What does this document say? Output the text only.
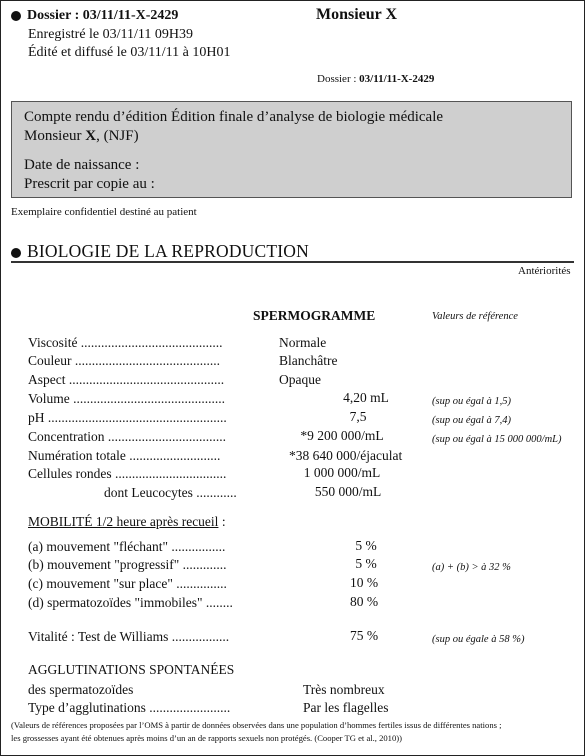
Dossier : 03/11/11-X-2429
Enregistré le 03/11/11 09H39
Édité et diffusé le 03/11/11 à 10H01
Monsieur X
Dossier : 03/11/11-X-2429
Compte rendu d’édition Édition finale d’analyse de biologie médicale
Monsieur X, (NJF)
Date de naissance :
Prescrit par copie au :
Exemplaire confidentiel destiné au patient
BIOLOGIE DE LA REPRODUCTION
Antériorités
SPERMOGRAMME	Valeurs de référence
Viscosité ..........................................	Normale
Couleur ...........................................	Blanchâtre
Aspect ..............................................	Opaque
Volume .............................................	4,20 mL	(sup ou égal à 1,5)
pH .....................................................	7,5	(sup ou égal à 7,4)
Concentration ...................................	*9 200 000/mL	(sup ou égal à 15 000 000/mL)
Numération totale ...........................	*38 640 000/éjaculat
Cellules rondes .................................	1 000 000/mL
dont Leucocytes ............	550 000/mL
MOBILITÉ 1/2 heure après recueil :
(a) mouvement "fléchant" ................	5 %
(b) mouvement "progressif" .............	5 %	(a) + (b) > à 32 %
(c) mouvement "sur place" ...............	10 %
(d) spermatozoïdes "immobiles" ........	80 %
Vitalité : Test de Williams .................	75 %	(sup ou égale à 58 %)
AGGLUTINATIONS SPONTANÉES
des spermatozoïdes	Très nombreux
Type d’agglutinations ........................	Par les flagelles
(Valeurs de références proposées par l’OMS à partir de données observées dans une population d’hommes fertiles issus de différentes nations ;
les grossesses ayant été obtenues après moins d’un an de rapports sexuels non protégés. (Cooper TG et al., 2010))
